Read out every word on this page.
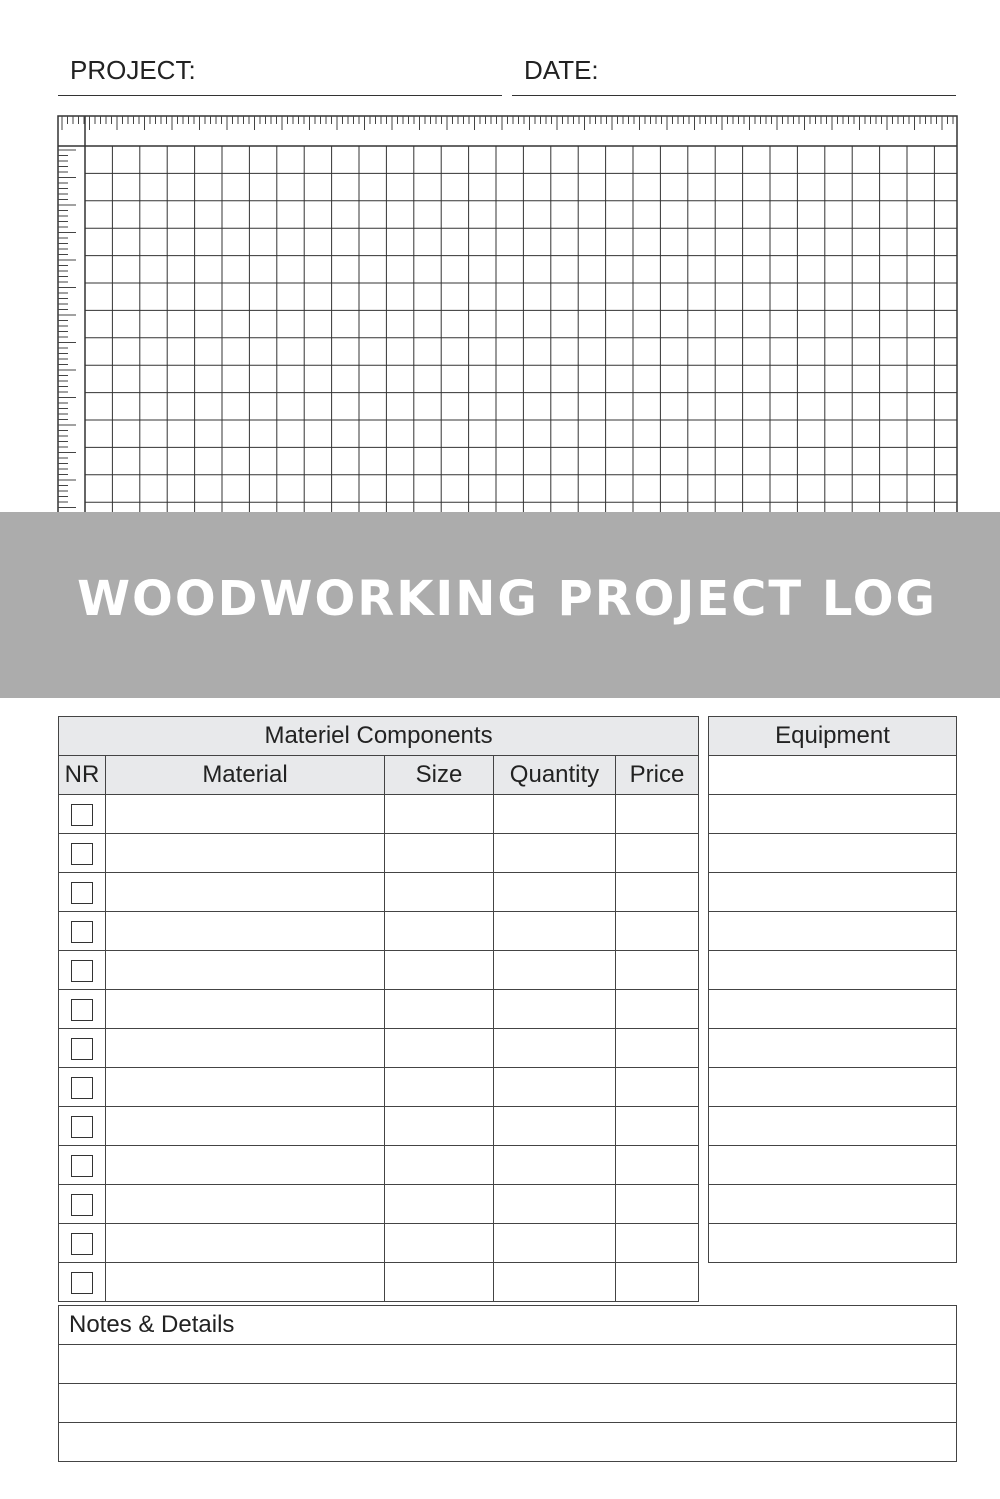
PROJECT:	DATE:
WOODWORKING PROJECT LOG
Materiel Components				
NR	Material	Size	Quantity	Price

Equipment

Notes & Details
